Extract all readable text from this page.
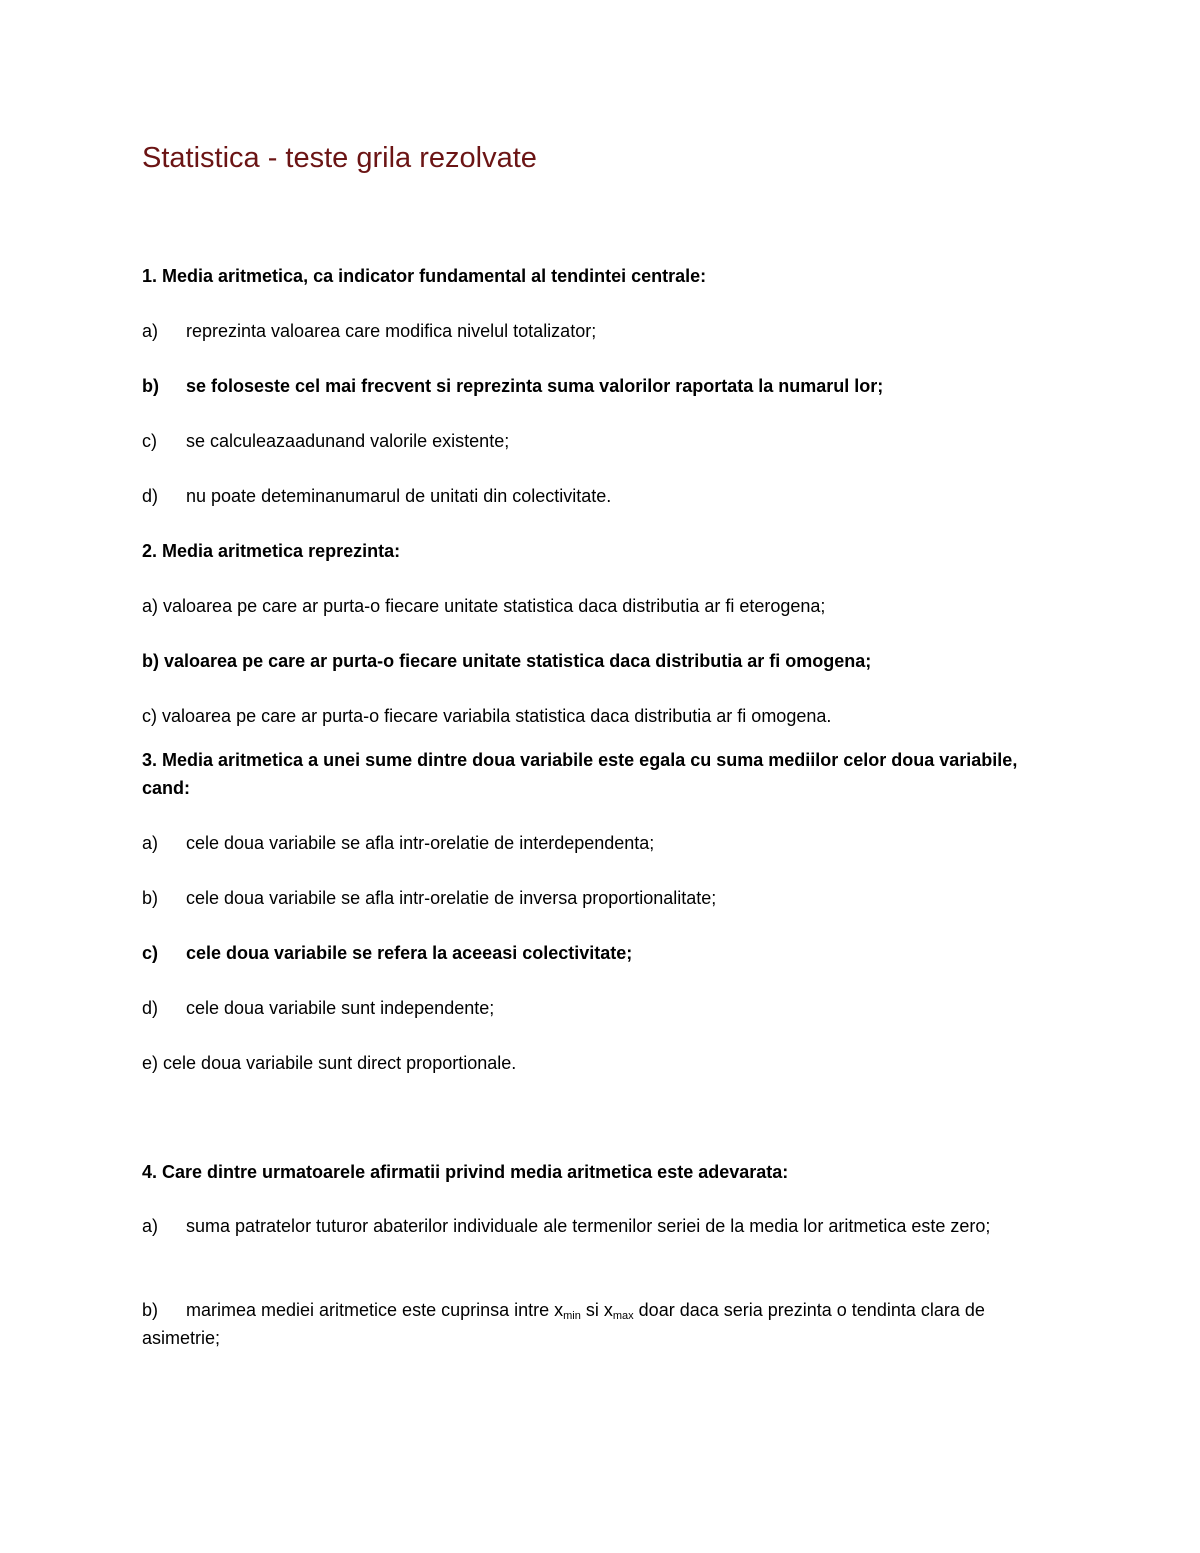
Statistica - teste grila rezolvate

1. Media aritmetica, ca indicator fundamental al tendintei centrale:

a) reprezinta valoarea care modifica nivelul totalizator;

b) se foloseste cel mai frecvent si reprezinta suma valorilor raportata la numarul lor;

c) se calculeazaadunand valorile existente;

d) nu poate deteminanumarul de unitati din colectivitate.

2. Media aritmetica reprezinta:

a) valoarea pe care ar purta-o fiecare unitate statistica daca distributia ar fi eterogena;

b) valoarea pe care ar purta-o fiecare unitate statistica daca distributia ar fi omogena;

c) valoarea pe care ar purta-o fiecare variabila statistica daca distributia ar fi omogena.

3. Media aritmetica a unei sume dintre doua variabile este egala cu suma mediilor celor doua variabile, cand:

a) cele doua variabile se afla intr-orelatie de interdependenta;

b) cele doua variabile se afla intr-orelatie de inversa proportionalitate;

c) cele doua variabile se refera la aceeasi colectivitate;

d) cele doua variabile sunt independente;

e) cele doua variabile sunt direct proportionale.

4. Care dintre urmatoarele afirmatii privind media aritmetica este adevarata:

a) suma patratelor tuturor abaterilor individuale ale termenilor seriei de la media lor aritmetica este zero;

b) marimea mediei aritmetice este cuprinsa intre $x_{min}$ si $x_{max}$ doar daca seria prezinta o tendinta clara de asimetrie;
